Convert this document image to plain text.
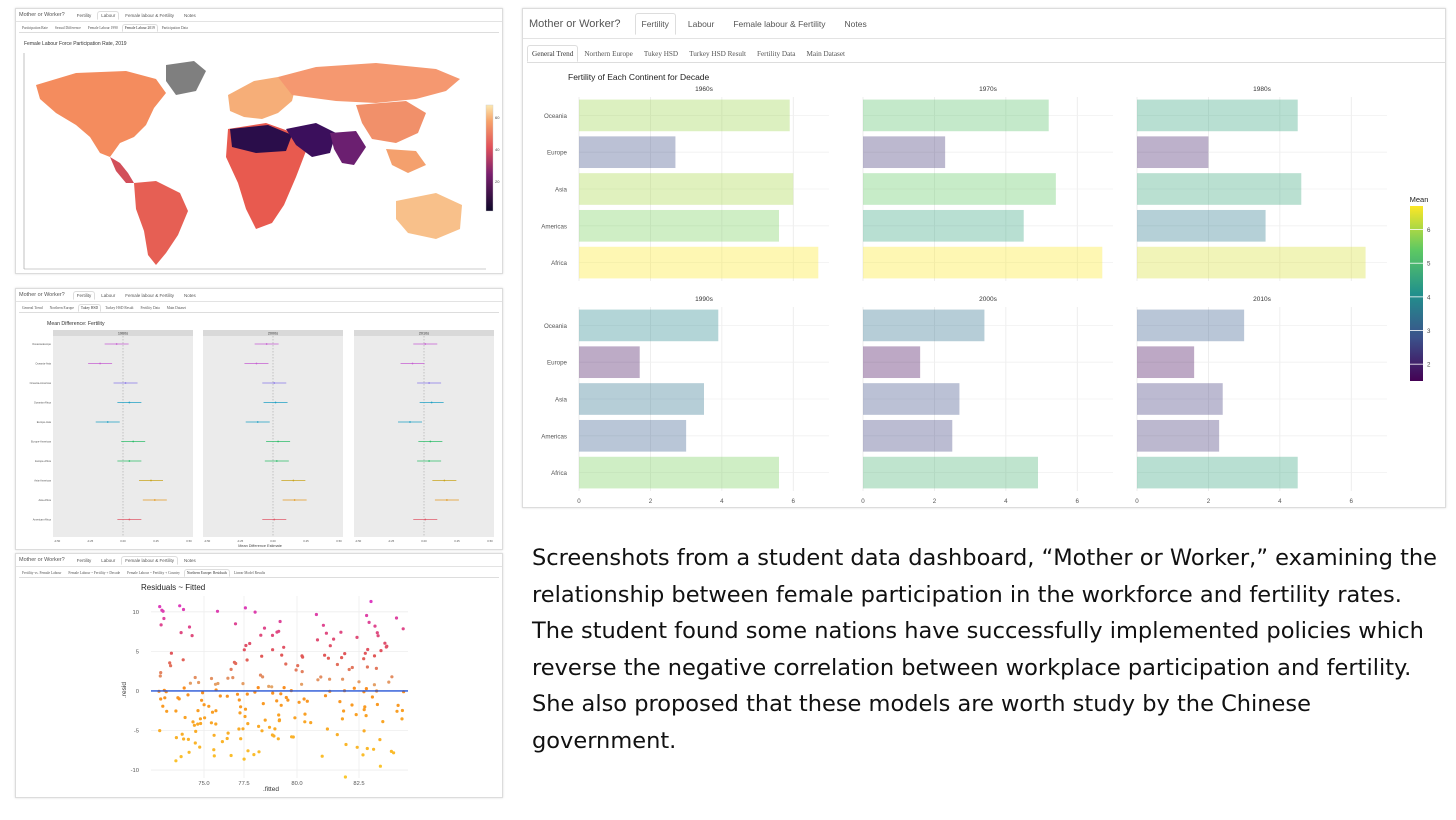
Mother or Worker?	Fertility	Labour	Female labour & Fertility	Notes
Participation Rate	Sexual Difference	Female Labour 1990	Female Labour 2019	Participation Data
Female Labour Force Participation Rate, 2019
60
40
20
Mother or Worker?	Fertility	Labour	Female labour & Fertility	Notes
General Trend	Northern Europe	Tukey HSD	Turkey HSD Result	Fertility Data	Main Dataset
Mean Difference: Fertility
Mean Difference Estimate
1960s
Oceania-Europe
Oceania-Asia
Oceania-Americas
Oceania-Africa
Europe-Asia
Europe-Americas
Europe-Africa
Asia-Americas
Asia-Africa
Americas-Africa
-0.50	-0.25	0.00	0.25	0.50
2000s
-0.50	-0.25	0.00	0.25	0.50
2010s
-0.50	-0.25	0.00	0.25	0.50
Mother or Worker?	Fertility	Labour	Female labour & Fertility	Notes
Fertility vs. Female Labour	Female Labour ~ Fertility + Decade	Female Labour ~ Fertility + Country	Northern Europe: Residuals	Linear Model Results
Residuals ~ Fitted
.fitted
.resid
10
5
0
-5
-10
75.0	77.5	80.0	82.5
Mother or Worker?	Fertility	Labour	Female labour & Fertility	Notes
General Trend	Northern Europe	Tukey HSD	Turkey HSD Result	Fertility Data	Main Dataset
Fertility of Each Continent for Decade
Mean
1960s
Oceania
Europe
Asia
Americas
Africa
1970s	1980s
1990s
Oceania
Europe
Asia
Americas
Africa
0	2	4	6
2000s
0	2	4	6
2010s
0	2	4	6
6
5
4
3
2

Screenshots from a student data dashboard, “Mother or Worker,” examining the relationship between female participation in the workforce and fertility rates. The student found some nations have successfully implemented policies which reverse the negative correlation between workplace participation and fertility. She also proposed that these models are worth study by the Chinese government.
